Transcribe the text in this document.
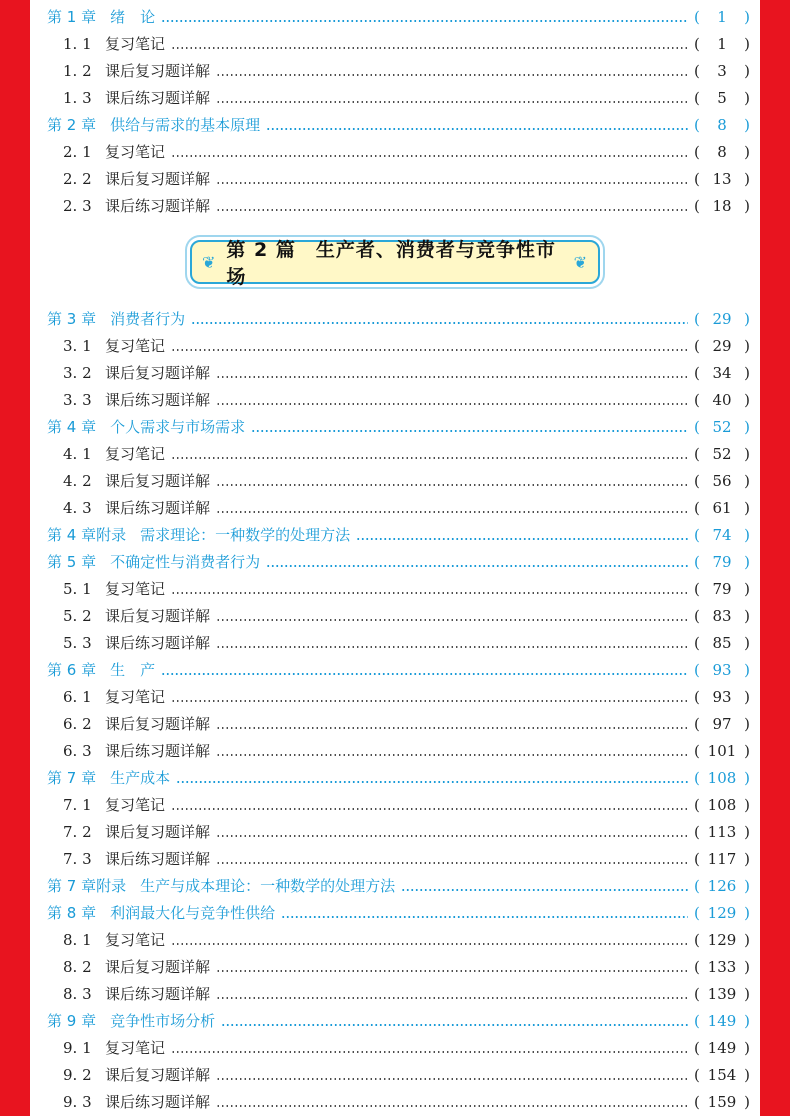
第 1 章 绪　论	( 1 )
1. 1 复习笔记	( 1 )
1. 2 课后复习题详解	( 3 )
1. 3 课后练习题详解	( 5 )
第 2 章 供给与需求的基本原理	( 8 )
2. 1 复习笔记	( 8 )
2. 2 课后复习题详解	( 13 )
2. 3 课后练习题详解	( 18 )
❦
第 2 篇　生产者、消费者与竞争性市场
❦
第 3 章 消费者行为	( 29 )
3. 1 复习笔记	( 29 )
3. 2 课后复习题详解	( 34 )
3. 3 课后练习题详解	( 40 )
第 4 章 个人需求与市场需求	( 52 )
4. 1 复习笔记	( 52 )
4. 2 课后复习题详解	( 56 )
4. 3 课后练习题详解	( 61 )
第 4 章附录 需求理论：一种数学的处理方法	( 74 )
第 5 章 不确定性与消费者行为	( 79 )
5. 1 复习笔记	( 79 )
5. 2 课后复习题详解	( 83 )
5. 3 课后练习题详解	( 85 )
第 6 章 生　产	( 93 )
6. 1 复习笔记	( 93 )
6. 2 课后复习题详解	( 97 )
6. 3 课后练习题详解	( 101 )
第 7 章 生产成本	( 108 )
7. 1 复习笔记	( 108 )
7. 2 课后复习题详解	( 113 )
7. 3 课后练习题详解	( 117 )
第 7 章附录 生产与成本理论：一种数学的处理方法	( 126 )
第 8 章 利润最大化与竞争性供给	( 129 )
8. 1 复习笔记	( 129 )
8. 2 课后复习题详解	( 133 )
8. 3 课后练习题详解	( 139 )
第 9 章 竞争性市场分析	( 149 )
9. 1 复习笔记	( 149 )
9. 2 课后复习题详解	( 154 )
9. 3 课后练习题详解	( 159 )
